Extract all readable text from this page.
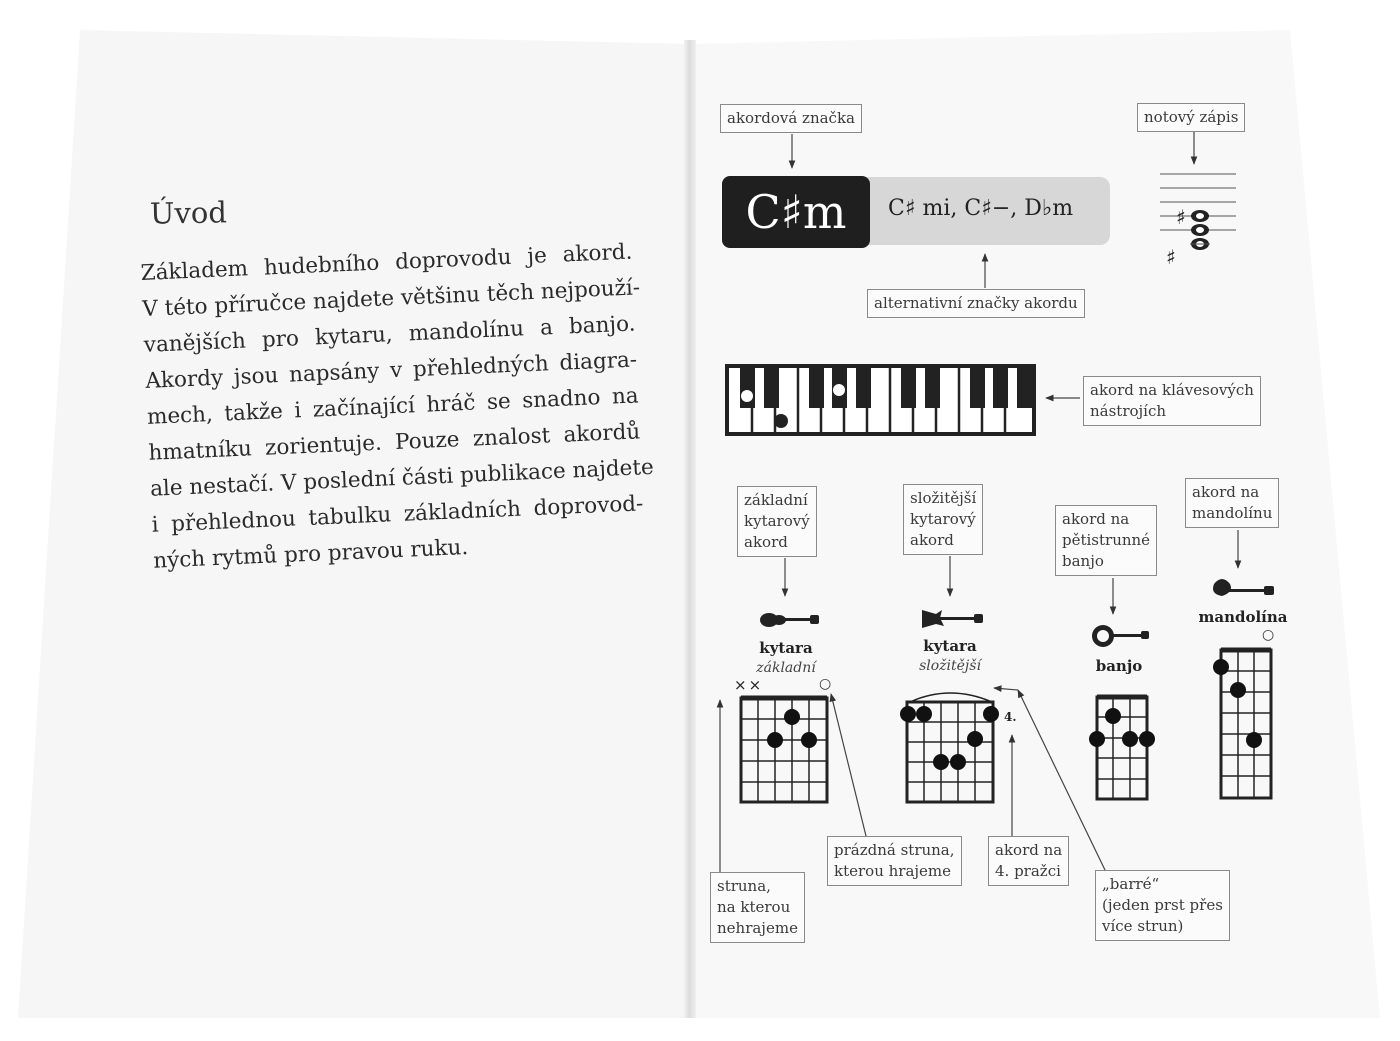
Úvod
Základem hudebního doprovodu je akord.
V této příručce najdete většinu těch nejpouží-
vanějších pro kytaru, mandolínu a banjo.
Akordy jsou napsány v přehledných diagra-
mech, takže i začínající hráč se snadno na
hmatníku zorientuje. Pouze znalost akordů
ale nestačí. V poslední části publikace najdete
i přehlednou tabulku základních doprovod-
ných rytmů pro pravou ruku.
C♯m	C♯ mi, C♯−, D♭m
akordová značka	notový zápis
alternativní značky akordu
akord na klávesových
nástrojích
základní
kytarový
akord
složitější
kytarový
akord
akord na
pětistrunné
banjo
akord na
mandolínu
prázdná struna,
kterou hrajeme
akord na
4. pražci
struna,
na kterou
nehrajeme
„barré“
(jeden prst přes
více strun)
kytara
základní
kytara
složitější	banjo
mandolína
××	○
○
4.
♯
♯
